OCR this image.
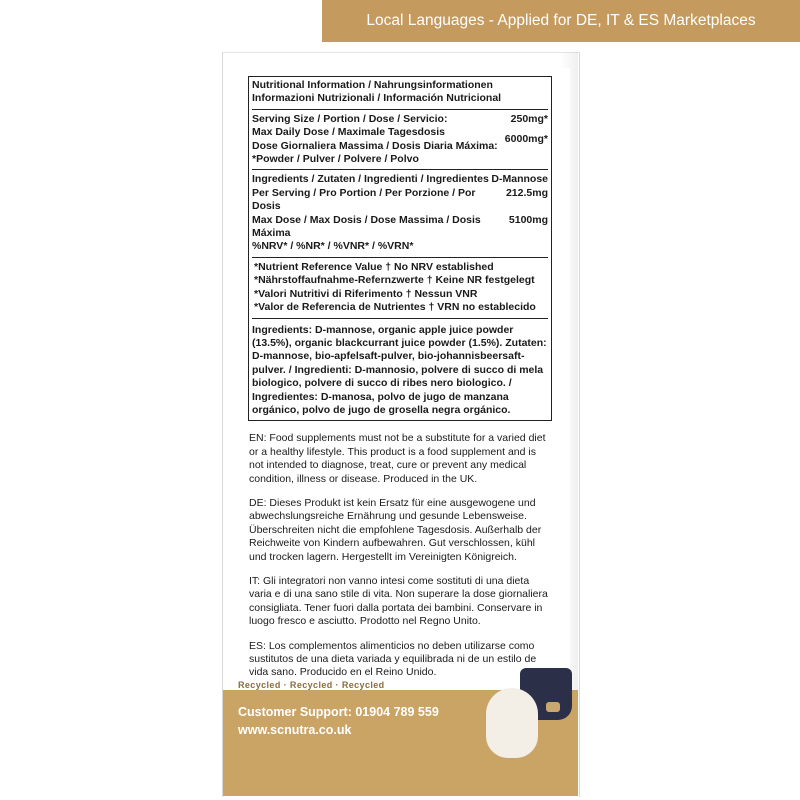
Local Languages - Applied for DE, IT & ES Marketplaces
Recycled · Recycled · Recycled
Customer Support: 01904 789 559
www.scnutra.co.uk
Nutritional Information / Nahrungsinformationen
Informazioni Nutrizionali / Información Nutricional
Serving Size / Portion / Dose / Servicio:	250mg*
Max Daily Dose / Maximale Tagesdosis
Dose Giornaliera Massima / Dosis Diaria Máxima:
6000mg*
*Powder / Pulver / Polvere / Polvo
Ingredients / Zutaten / Ingredienti / Ingredientes D-Mannose
Per Serving / Pro Portion / Per Porzione / Por Dosis
212.5mg
Max Dose / Max Dosis / Dose Massima / Dosis Máxima
5100mg
%NRV* / %NR* / %VNR* / %VRN*
*Nutrient Reference Value † No NRV established
*Nährstoffaufnahme-Refernzwerte † Keine NR festgelegt
*Valori Nutritivi di Riferimento † Nessun VNR
*Valor de Referencia de Nutrientes † VRN no establecido
Ingredients: D-mannose, organic apple juice powder (13.5%), organic blackcurrant juice powder (1.5%). Zutaten: D-mannose, bio-apfelsaft-pulver, bio-johannisbeersaft-pulver. / Ingredienti: D-mannosio, polvere di succo di mela biologico, polvere di succo di ribes nero biologico. / Ingredientes: D-manosa, polvo de jugo de manzana orgánico, polvo de jugo de grosella negra orgánico.
EN: Food supplements must not be a substitute for a varied diet or a healthy lifestyle. This product is a food supplement and is not intended to diagnose, treat, cure or prevent any medical condition, illness or disease. Produced in the UK.
DE: Dieses Produkt ist kein Ersatz für eine ausgewogene und abwechslungsreiche Ernährung und gesunde Lebensweise. Überschreiten nicht die empfohlene Tagesdosis. Außerhalb der Reichweite von Kindern aufbewahren. Gut verschlossen, kühl und trocken lagern. Hergestellt im Vereinigten Königreich.
IT: Gli integratori non vanno intesi come sostituti di una dieta varia e di una sano stile di vita. Non superare la dose giornaliera consigliata. Tener fuori dalla portata dei bambini. Conservare in luogo fresco e asciutto. Prodotto nel Regno Unito.
ES: Los complementos alimenticios no deben utilizarse como sustitutos de una dieta variada y equilibrada ni de un estilo de vida sano. Producido en el Reino Unido.
